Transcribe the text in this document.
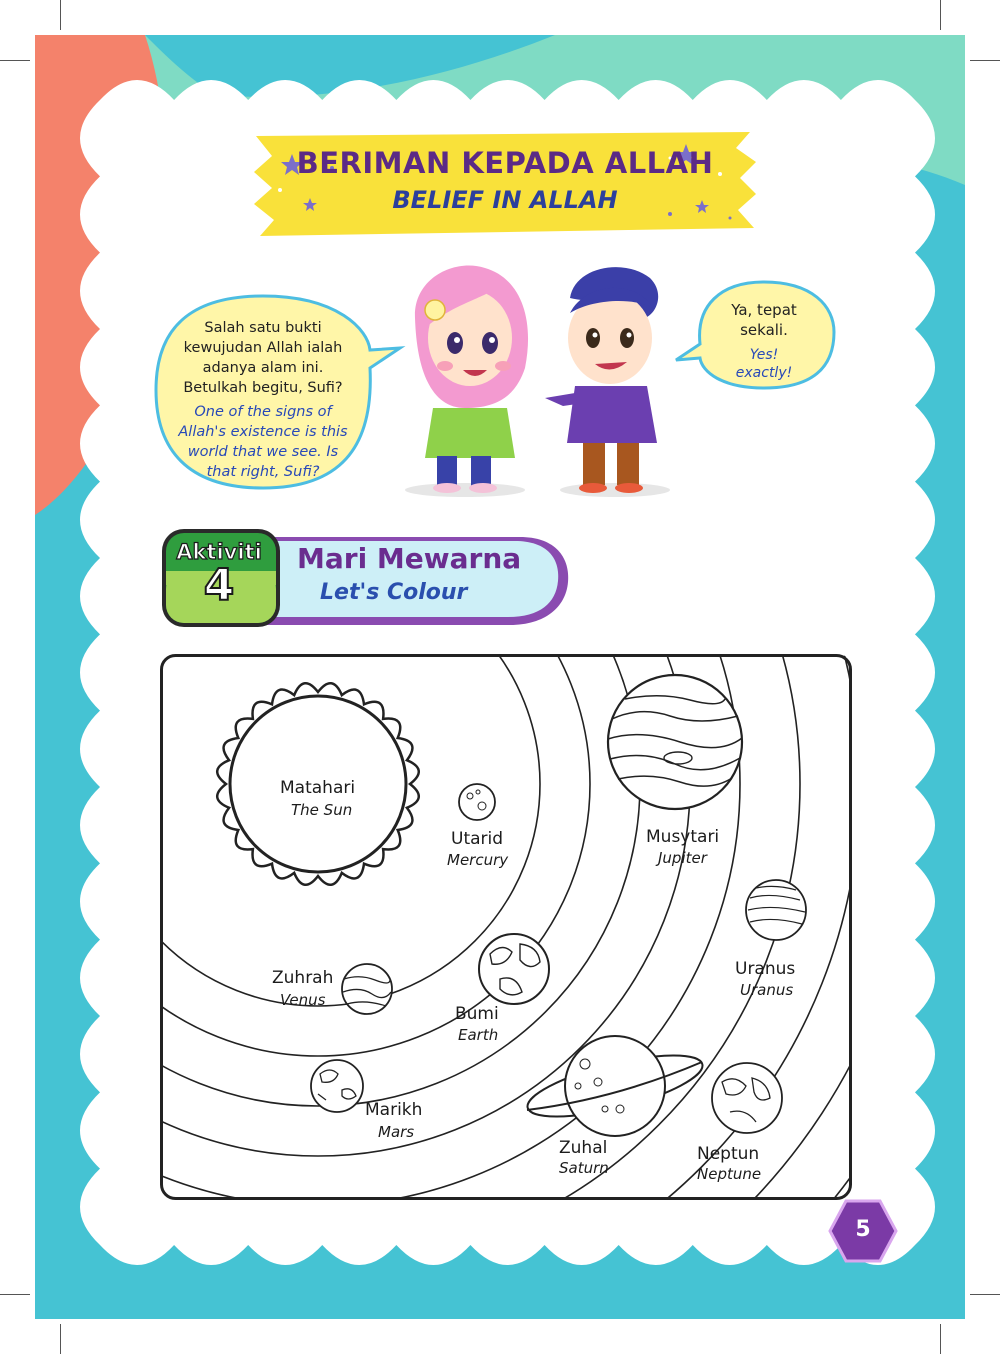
BERIMAN KEPADA ALLAH
BELIEF IN ALLAH
Salah satu bukti
kewujudan Allah ialah
adanya alam ini.
Betulkah begitu, Sufi?
One of the signs of
Allah's existence is this
world that we see. Is
that right, Sufi?
Ya, tepat
sekali.
Yes!
exactly!
Aktiviti
4
Mari Mewarna
Let's Colour
Matahari
The Sun
Utarid
Mercury
Zuhrah
Venus
Bumi
Earth
Marikh
Mars
Musytari
Jupiter
Zuhal
Saturn
Uranus
Uranus
Neptun
Neptune
5
